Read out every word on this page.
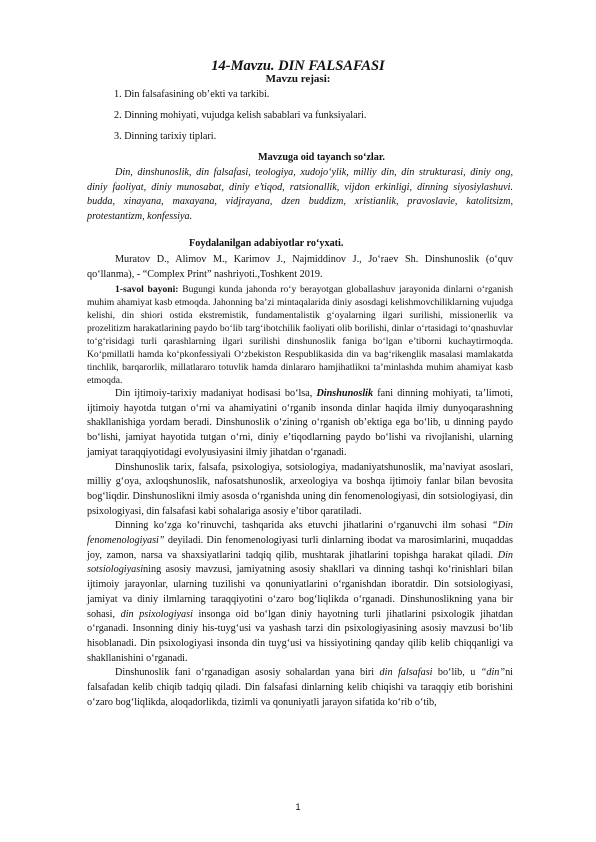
14-Mavzu. DIN FALSAFASI
Mavzu rejasi:
1. Din falsafasining ob’ekti va tarkibi.
2. Dinning mohiyati, vujudga kelish sabablari va funksiyalari.
3. Dinning tarixiy tiplari.
Mavzuga oid tayanch so‘zlar.

Din, dinshunoslik, din falsafasi, teologiya, xudojo‘ylik, milliy din, din strukturasi, diniy ong, diniy faoliyat, diniy munosabat, diniy e’tiqod, ratsionallik, vijdon erkinligi, dinning siyosiylashuvi. budda, xinayana, maxayana, vidjrayana, dzen buddizm, xristianlik, pravoslavie, katolitsizm, protestantizm, konfessiya.

Foydalanilgan adabiyotlar ro‘yxati.

Muratov D., Alimov M., Karimov J., Najmiddinov J., Jo‘raev Sh. Dinshunoslik (o‘quv qo‘llanma), - “Complex Print” nashriyoti.,Toshkent 2019.

1-savol bayoni: Bugungi kunda jahonda ro‘y berayotgan globallashuv jarayonida dinlarni o‘rganish muhim ahamiyat kasb etmoqda. Jahonning ba’zi mintaqalarida diniy asosdagi kelishmovchiliklarning vujudga kelishi, din shiori ostida ekstremistik, fundamentalistik g‘oyalarning ilgari surilishi, missionerlik va prozelitizm harakatlarining paydo bo‘lib targ‘ibotchilik faoliyati olib borilishi, dinlar o‘rtasidagi to‘qnashuvlar to‘g‘risidagi turli qarashlarning ilgari surilishi dinshunoslik faniga bo‘lgan e’tiborni kuchaytirmoqda. Ko‘pmillatli hamda ko‘pkonfessiyali O‘zbekiston Respublikasida din va bag‘rikenglik masalasi mamlakatda tinchlik, barqarorlik, millatlararo totuvlik hamda dinlararo hamjihatlikni ta’minlashda muhim ahamiyat kasb etmoqda.

Din ijtimoiy-tarixiy madaniyat hodisasi bo‘lsa, Dinshunoslik fani dinning mohiyati, ta’limoti, ijtimoiy hayotda tutgan o‘rni va ahamiyatini o‘rganib insonda dinlar haqida ilmiy dunyoqarashning shakllanishiga yordam beradi. Dinshunoslik o‘zining o‘rganish ob’ektiga ega bo‘lib, u dinning paydo bo‘lishi, jamiyat hayotida tutgan o‘rni, diniy e’tiqodlarning paydo bo‘lishi va rivojlanishi, ularning jamiyat taraqqiyotidagi evolyusiyasini ilmiy jihatdan o‘rganadi.

Dinshunoslik tarix, falsafa, psixologiya, sotsiologiya, madaniyatshunoslik, ma’naviyat asoslari, milliy g‘oya, axloqshunoslik, nafosatshunoslik, arxeologiya va boshqa ijtimoiy fanlar bilan bevosita bog‘liqdir. Dinshunoslikni ilmiy asosda o‘rganishda uning din fenomenologiyasi, din sotsiologiyasi, din psixologiyasi, din falsafasi kabi sohalariga asosiy e’tibor qaratiladi.

Dinning ko‘zga ko‘rinuvchi, tashqarida aks etuvchi jihatlarini o‘rganuvchi ilm sohasi “Din fenomenologiyasi” deyiladi. Din fenomenologiyasi turli dinlarning ibodat va marosimlarini, muqaddas joy, zamon, narsa va shaxsiyatlarini tadqiq qilib, mushtarak jihatlarini topishga harakat qiladi. Din sotsiologiyasining asosiy mavzusi, jamiyatning asosiy shakllari va dinning tashqi ko‘rinishlari bilan ijtimoiy jarayonlar, ularning tuzilishi va qonuniyatlarini o‘rganishdan iboratdir. Din sotsiologiyasi, jamiyat va diniy ilmlarning taraqqiyotini o‘zaro bog‘liqlikda o‘rganadi. Dinshunoslikning yana bir sohasi, din psixologiyasi insonga oid bo‘lgan diniy hayotning turli jihatlarini psixologik jihatdan o‘rganadi. Insonning diniy his-tuyg‘usi va yashash tarzi din psixologiyasining asosiy mavzusi bo‘lib hisoblanadi. Din psixologiyasi insonda din tuyg‘usi va hissiyotining qanday qilib kelib chiqqanligi va shakllanishini o‘rganadi.

Dinshunoslik fani o‘rganadigan asosiy sohalardan yana biri din falsafasi bo‘lib, u “din”ni falsafadan kelib chiqib tadqiq qiladi. Din falsafasi dinlarning kelib chiqishi va taraqqiy etib borishini o‘zaro bog‘liqlikda, aloqadorlikda, tizimli va qonuniyatli jarayon sifatida ko‘rib o‘tib,

1
